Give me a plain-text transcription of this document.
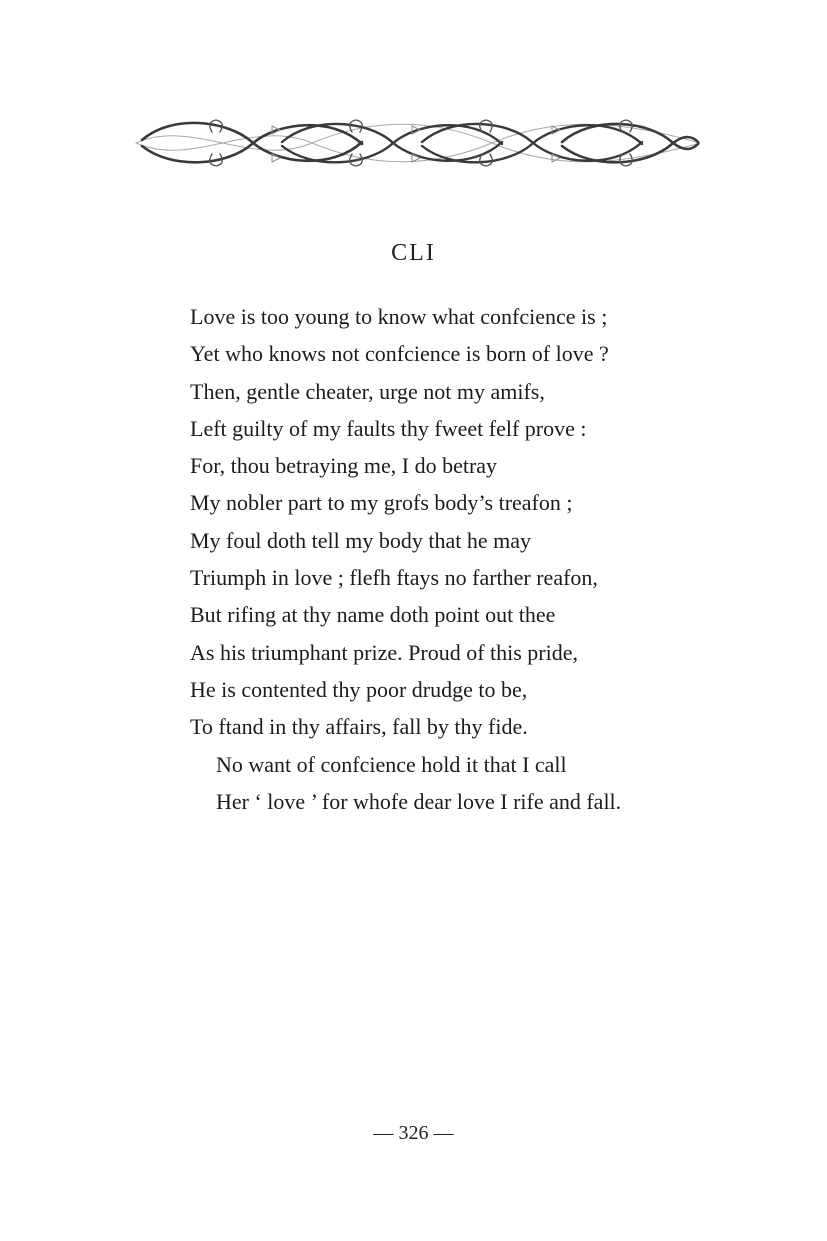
CLI
Love is too young to know what confcience is ;
Yet who knows not confcience is born of love ?
Then, gentle cheater, urge not my amifs,
Left guilty of my faults thy fweet felf prove :
For, thou betraying me, I do betray
My nobler part to my grofs body’s treafon ;
My foul doth tell my body that he may
Triumph in love ; flefh ftays no farther reafon,
But rifing at thy name doth point out thee
As his triumphant prize. Proud of this pride,
He is contented thy poor drudge to be,
To ftand in thy affairs, fall by thy fide.
No want of confcience hold it that I call
Her ‘ love ’ for whofe dear love I rife and fall.
— 326 —
